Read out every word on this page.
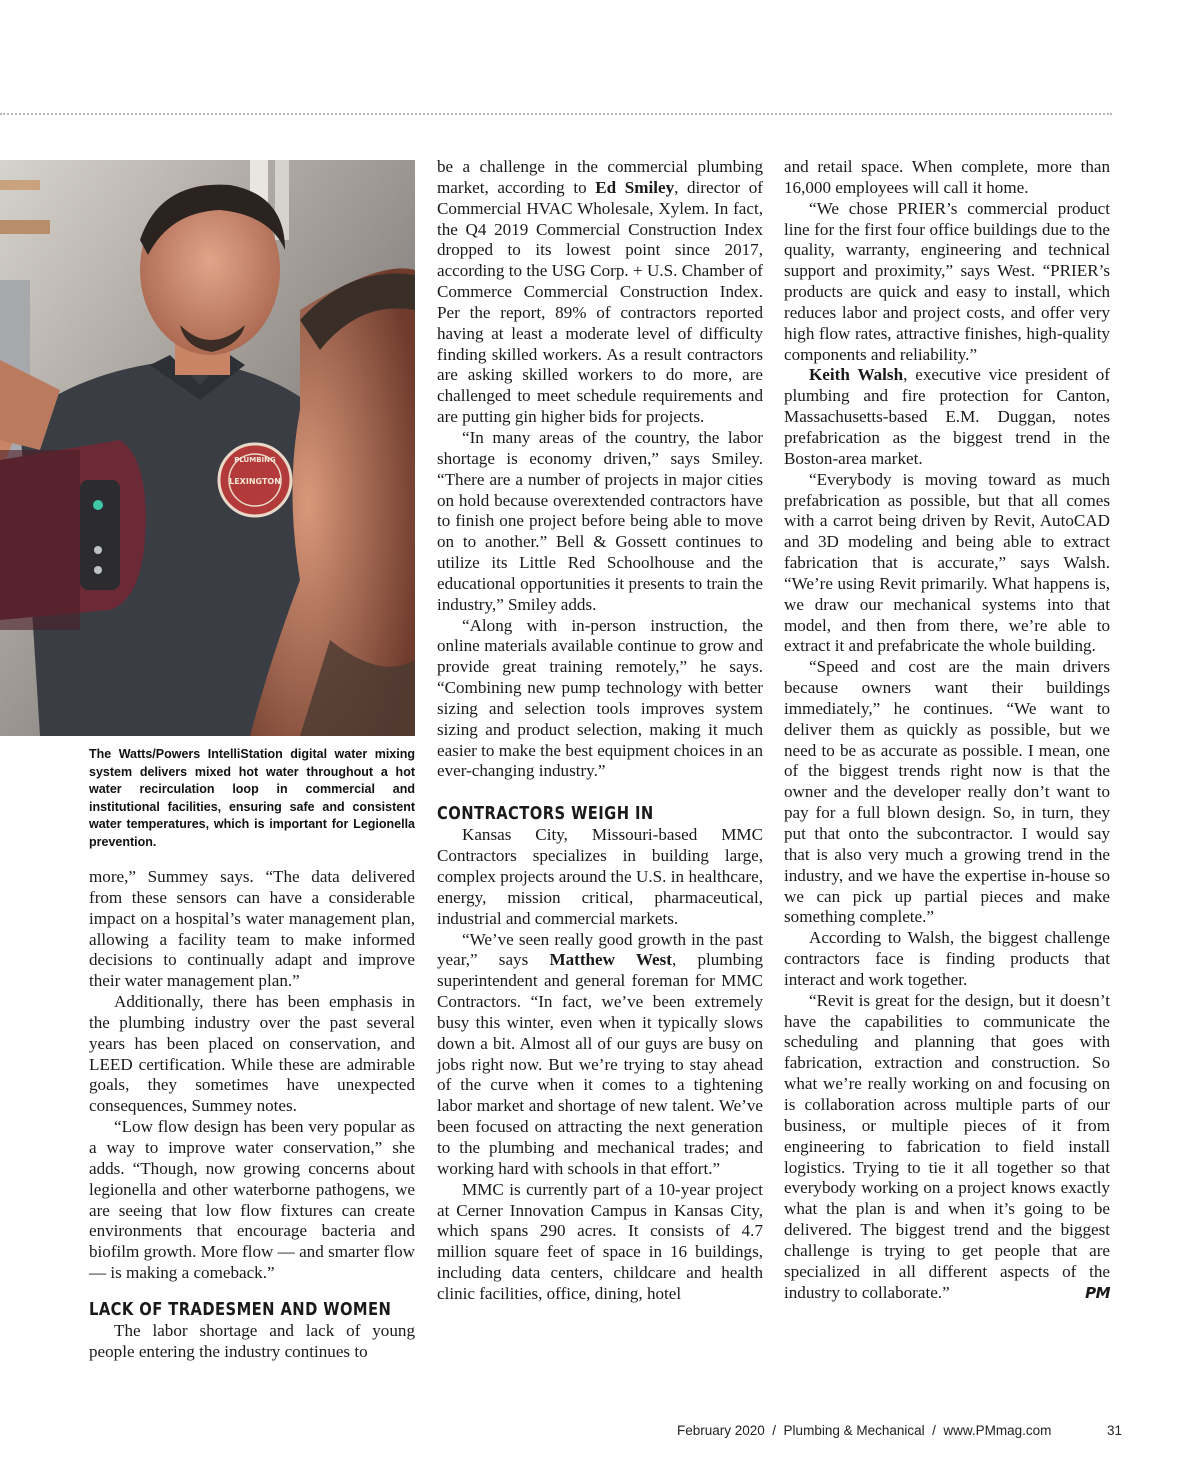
PLUMBING
LEXINGTON
The Watts/Powers IntelliStation digital water mixing system delivers mixed hot water throughout a hot water recirculation loop in commercial and institutional facilities, ensuring safe and consistent water temperatures, which is important for Legionella prevention.

more,” Summey says. “The data delivered from these sensors can have a considerable impact on a hospital’s water management plan, allowing a facility team to make informed decisions to continually adapt and improve their water management plan.”

Additionally, there has been emphasis in the plumbing industry over the past several years has been placed on conservation, and LEED certification. While these are admirable goals, they sometimes have unexpected consequences, Summey notes.

“Low flow design has been very popular as a way to improve water conservation,” she adds. “Though, now growing concerns about legionella and other waterborne pathogens, we are seeing that low flow fixtures can create environments that encourage bacteria and biofilm growth. More flow — and smarter flow — is making a comeback.”

LACK OF TRADESMEN AND WOMEN

The labor shortage and lack of young people entering the industry continues to

be a challenge in the commercial plumbing market, according to Ed Smiley, director of Commercial HVAC Wholesale, Xylem. In fact, the Q4 2019 Commercial Construction Index dropped to its lowest point since 2017, according to the USG Corp. + U.S. Chamber of Commerce Commercial Construction Index. Per the report, 89% of contractors reported having at least a moderate level of difficulty finding skilled workers. As a result contractors are asking skilled workers to do more, are challenged to meet schedule requirements and are putting gin higher bids for projects.

“In many areas of the country, the labor shortage is economy driven,” says Smiley. “There are a number of projects in major cities on hold because overextended contractors have to finish one project before being able to move on to another.” Bell & Gossett continues to utilize its Little Red Schoolhouse and the educational opportunities it presents to train the industry,” Smiley adds.

“Along with in-person instruction, the online materials available continue to grow and provide great training remotely,” he says. “Combining new pump technology with better sizing and selection tools improves system sizing and product selection, making it much easier to make the best equipment choices in an ever-changing industry.”

CONTRACTORS WEIGH IN

Kansas City, Missouri-based MMC Contractors specializes in building large, complex projects around the U.S. in healthcare, energy, mission critical, pharmaceutical, industrial and commercial markets.

“We’ve seen really good growth in the past year,” says Matthew West, plumbing superintendent and general foreman for MMC Contractors. “In fact, we’ve been extremely busy this winter, even when it typically slows down a bit. Almost all of our guys are busy on jobs right now. But we’re trying to stay ahead of the curve when it comes to a tightening labor market and shortage of new talent. We’ve been focused on attracting the next generation to the plumbing and mechanical trades; and working hard with schools in that effort.”

MMC is currently part of a 10-year project at Cerner Innovation Campus in Kansas City, which spans 290 acres. It consists of 4.7 million square feet of space in 16 buildings, including data centers, childcare and health clinic facilities, office, dining, hotel

and retail space. When complete, more than 16,000 employees will call it home.

“We chose PRIER’s commercial product line for the first four office buildings due to the quality, warranty, engineering and technical support and proximity,” says West. “PRIER’s products are quick and easy to install, which reduces labor and project costs, and offer very high flow rates, attractive finishes, high-quality components and reliability.”

Keith Walsh, executive vice president of plumbing and fire protection for Canton, Massachusetts-based E.M. Duggan, notes prefabrication as the biggest trend in the Boston-area market.

“Everybody is moving toward as much prefabrication as possible, but that all comes with a carrot being driven by Revit, AutoCAD and 3D modeling and being able to extract fabrication that is accurate,” says Walsh. “We’re using Revit primarily. What happens is, we draw our mechanical systems into that model, and then from there, we’re able to extract it and prefabricate the whole building.

“Speed and cost are the main drivers because owners want their buildings immediately,” he continues. “We want to deliver them as quickly as possible, but we need to be as accurate as possible. I mean, one of the biggest trends right now is that the owner and the developer really don’t want to pay for a full blown design. So, in turn, they put that onto the subcontractor. I would say that is also very much a growing trend in the industry, and we have the expertise in-house so we can pick up partial pieces and make something complete.”

According to Walsh, the biggest challenge contractors face is finding products that interact and work together.

“Revit is great for the design, but it doesn’t have the capabilities to communicate the scheduling and planning that goes with fabrication, extraction and construction. So what we’re really working on and focusing on is collaboration across multiple parts of our business, or multiple pieces of it from engineering to fabrication to field install logistics. Trying to tie it all together so that everybody working on a project knows exactly what the plan is and when it’s going to be delivered. The biggest trend and the biggest challenge is trying to get people that are specialized in all different aspects of the industry to collaborate.”	PM

February 2020  /  Plumbing & Mechanical  /  www.PMmag.com	31
